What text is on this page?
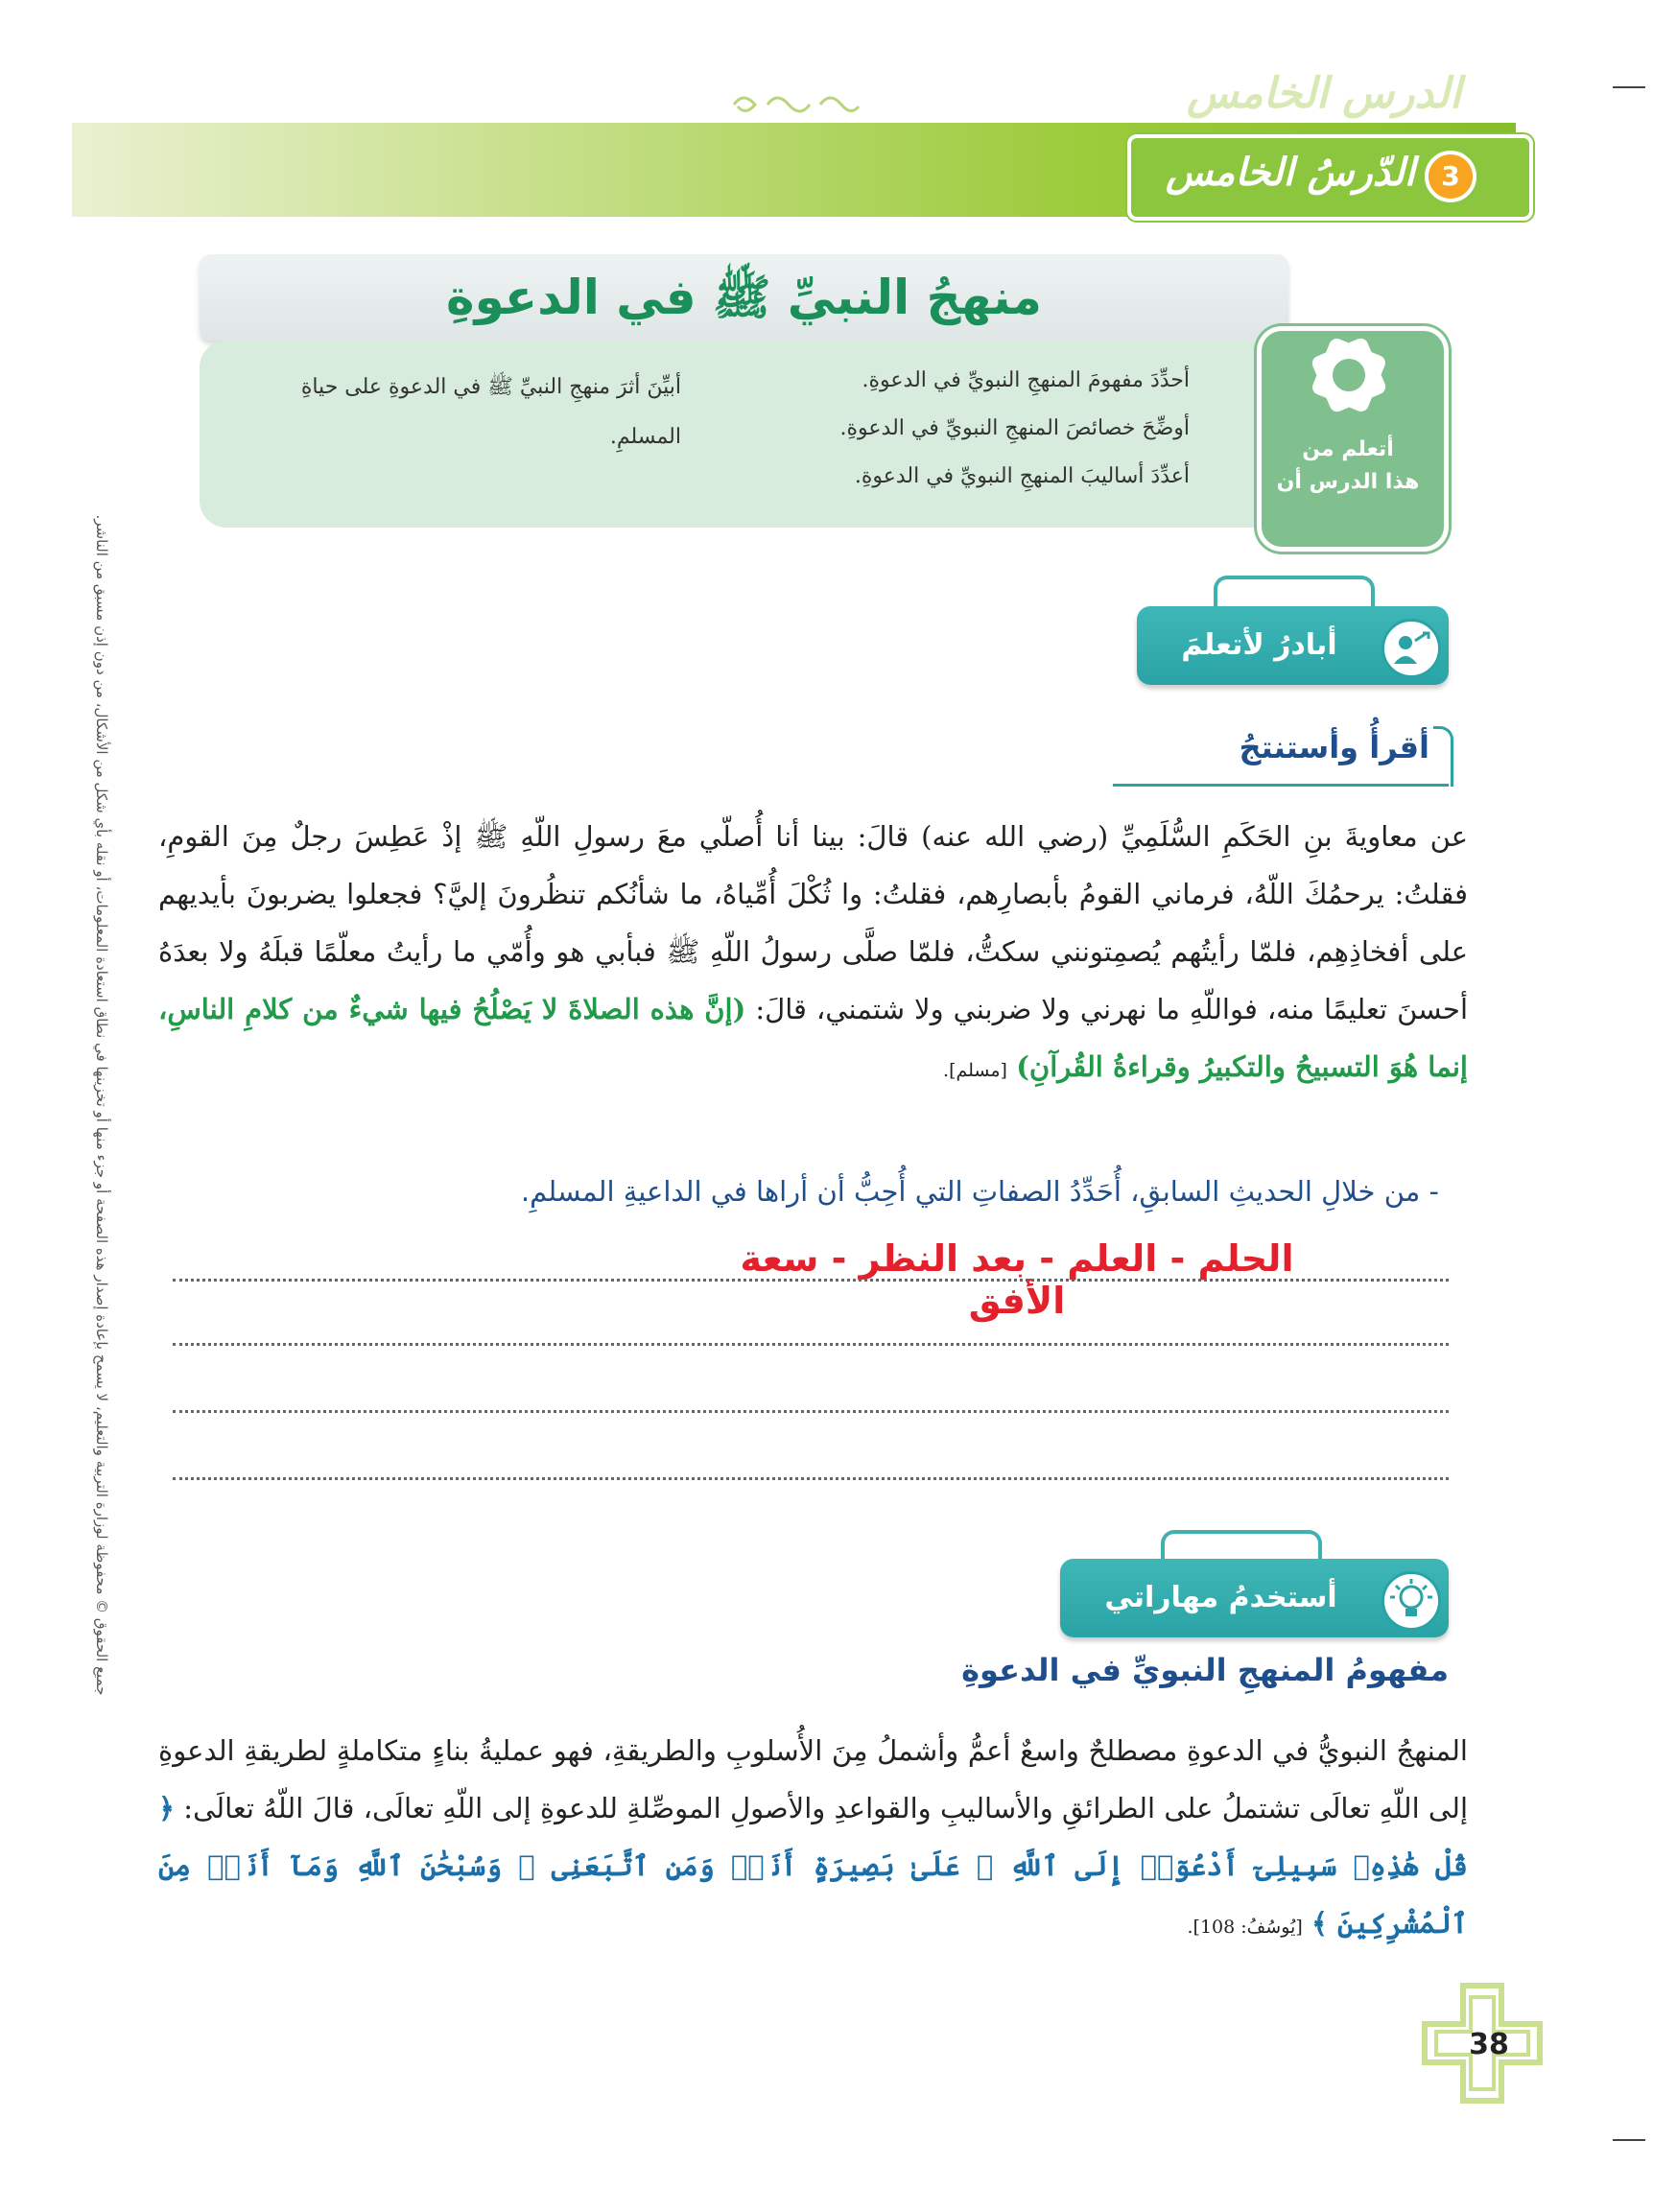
الدرس الخامس
الدّرسُ الخامس 3
منهجُ النبيِّ ﷺ في الدعوةِ
أحدِّدَ مفهومَ المنهجِ النبويِّ في الدعوةِ.
أوضِّحَ خصائصَ المنهجِ النبويِّ في الدعوةِ.
أعدِّدَ أساليبَ المنهجِ النبويِّ في الدعوةِ.
أبيِّنَ أثرَ منهجِ النبيِّ ﷺ في الدعوةِ على حياةِ
المسلمِ.
أتعلم من
هذا الدرس أن
أبادرُ لأتعلمَ
أقرأُ وأستنتجُ
عن معاويةَ بنِ الحَكَمِ السُّلَمِيِّ (رضي الله عنه) قالَ: بينا أنا أُصلّي معَ رسولِ اللّهِ ﷺ إذْ عَطِسَ رجلٌ مِنَ القومِ، فقلتُ: يرحمُكَ اللّهُ، فرماني القومُ بأبصارِهم، فقلتُ: وا ثُكْلَ أُمِّياهُ، ما شأنُكم تنظُرونَ إليَّ؟ فجعلوا يضربونَ بأيديهم على أفخاذِهِم، فلمّا رأيتُهم يُصمِتونني سكتُّ، فلمّا صلَّى رسولُ اللّهِ ﷺ فبأبي هو وأُمّي ما رأيتُ معلّمًا قبلَهُ ولا بعدَهُ أحسنَ تعليمًا منه، فواللّهِ ما نهرني ولا ضربني ولا شتمني، قالَ: (إنَّ هذه الصلاةَ لا يَصْلُحُ فيها شيءٌ من كلامِ الناسِ، إنما هُوَ التسبيحُ والتكبيرُ وقراءةُ القُرآنِ) [مسلم].
- من خلالِ الحديثِ السابقِ، أُحَدِّدُ الصفاتِ التي أُحِبُّ أن أراها في الداعيةِ المسلمِ.
الحلم - العلم - بعد النظر - سعة الأفق
أستخدمُ مهاراتي
مفهومُ المنهجِ النبويِّ في الدعوةِ
المنهجُ النبويُّ في الدعوةِ مصطلحٌ واسعٌ أعمُّ وأشملُ مِنَ الأُسلوبِ والطريقةِ، فهو عمليةُ بناءٍ متكاملةٍ لطريقةِ الدعوةِ إلى اللّهِ تعالَى تشتملُ على الطرائقِ والأساليبِ والقواعدِ والأصولِ الموصِّلةِ للدعوةِ إلى اللّهِ تعالَى، قالَ اللّهُ تعالَى: ﴿ قُلْ هَٰذِهِۦ سَبِيلِىٓ أَدْعُوٓا۟ إِلَى ٱللَّهِ ۚ عَلَىٰ بَصِيرَةٍ أَنَا۠ وَمَنِ ٱتَّبَعَنِى ۖ وَسُبْحَٰنَ ٱللَّهِ وَمَآ أَنَا۠ مِنَ ٱلْمُشْرِكِينَ ﴾ [يُوسُفُ: 108].
جميع الحقوق © محفوظة لوزارة التربية والتعليم، لا يسمح بإعادة إصدار هذه الصفحة أو جزء منها أو تخزينها في نطاق استعادة المعلومات، أو نقله بأي شكل من الأشكال، من دون إذن مسبق من الناشر.
38
